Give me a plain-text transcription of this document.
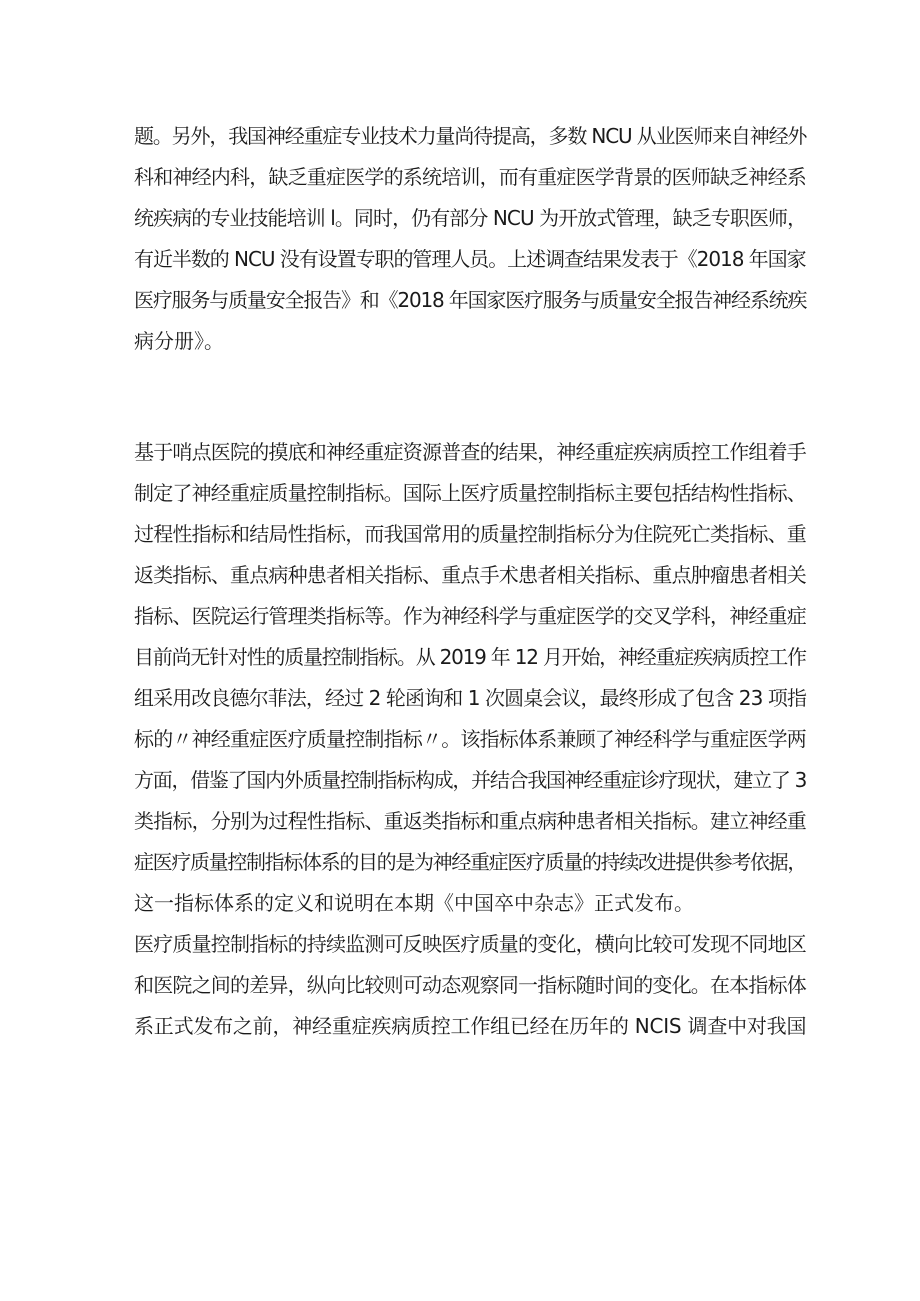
题。另外，我国神经重症专业技术力量尚待提高，多数 NCU 从业医师来自神经外
科和神经内科，缺乏重症医学的系统培训，而有重症医学背景的医师缺乏神经系
统疾病的专业技能培训 l。同时，仍有部分 NCU 为开放式管理，缺乏专职医师，
有近半数的 NCU 没有设置专职的管理人员。上述调查结果发表于《2018 年国家
医疗服务与质量安全报告》和《2018 年国家医疗服务与质量安全报告神经系统疾
病分册》。
基于哨点医院的摸底和神经重症资源普查的结果，神经重症疾病质控工作组着手
制定了神经重症质量控制指标。国际上医疗质量控制指标主要包括结构性指标、
过程性指标和结局性指标，而我国常用的质量控制指标分为住院死亡类指标、重
返类指标、重点病种患者相关指标、重点手术患者相关指标、重点肿瘤患者相关
指标、医院运行管理类指标等。作为神经科学与重症医学的交叉学科，神经重症
目前尚无针对性的质量控制指标。从 2019 年 12 月开始，神经重症疾病质控工作
组采用改良德尔菲法，经过 2 轮函询和 1 次圆桌会议，最终形成了包含 23 项指
标的〃神经重症医疗质量控制指标〃。该指标体系兼顾了神经科学与重症医学两
方面，借鉴了国内外质量控制指标构成，并结合我国神经重症诊疗现状，建立了 3
类指标，分别为过程性指标、重返类指标和重点病种患者相关指标。建立神经重
症医疗质量控制指标体系的目的是为神经重症医疗质量的持续改进提供参考依据，
这一指标体系的定义和说明在本期《中国卒中杂志》正式发布。
医疗质量控制指标的持续监测可反映医疗质量的变化，横向比较可发现不同地区
和医院之间的差异，纵向比较则可动态观察同一指标随时间的变化。在本指标体
系正式发布之前，神经重症疾病质控工作组已经在历年的 NCIS 调查中对我国
